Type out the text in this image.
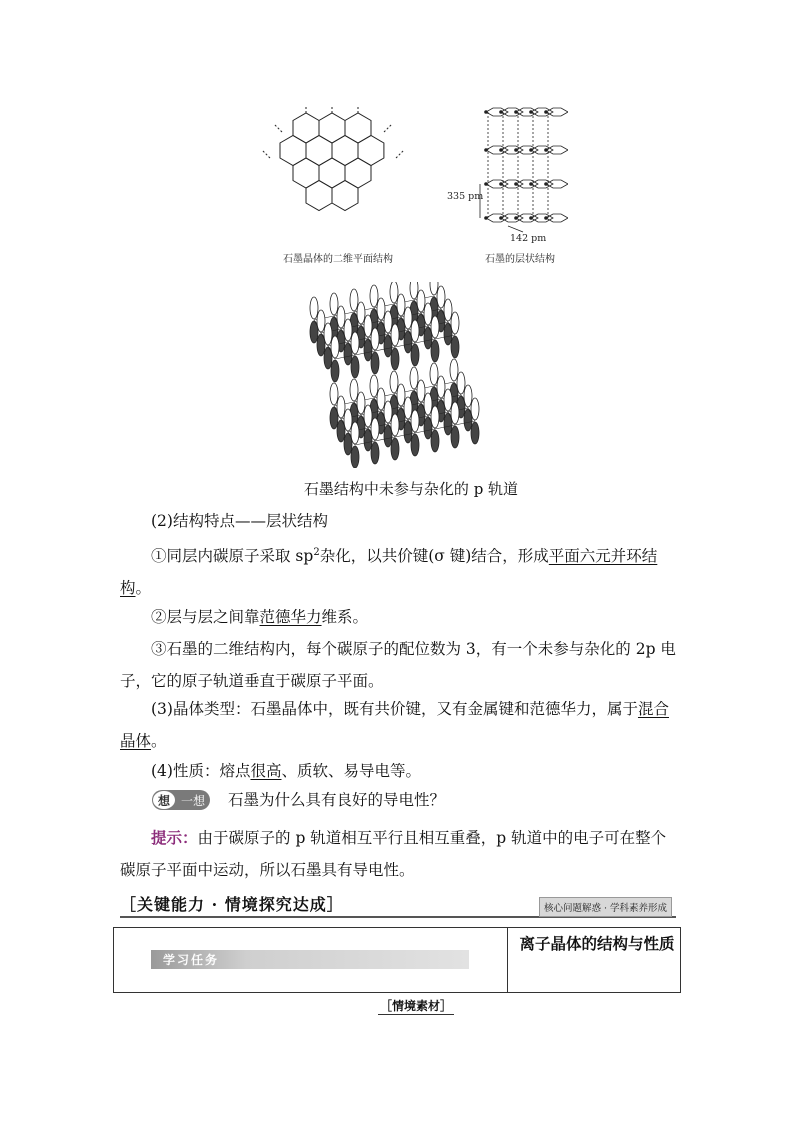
石墨晶体的二维平面结构
335 pm
142 pm
石墨的层状结构
石墨结构中未参与杂化的 p 轨道
(2)结构特点——层状结构
①同层内碳原子采取 $sp^2$杂化，以共价键(σ 键)结合，形成平面六元并环结构。
②层与层之间靠范德华力维系。
③石墨的二维结构内，每个碳原子的配位数为 3，有一个未参与杂化的 2p 电子，它的原子轨道垂直于碳原子平面。
(3)晶体类型：石墨晶体中，既有共价键，又有金属键和范德华力，属于混合晶体。
(4)性质：熔点很高、质软、易导电等。
想 一想 石墨为什么具有良好的导电性？
提示：由于碳原子的 p 轨道相互平行且相互重叠，p 轨道中的电子可在整个碳原子平面中运动，所以石墨具有导电性。
［关键能力 · 情境探究达成］	核心问题解惑 · 学科素养形成
学习任务
离子晶体的结构与性质
［情境素材］
